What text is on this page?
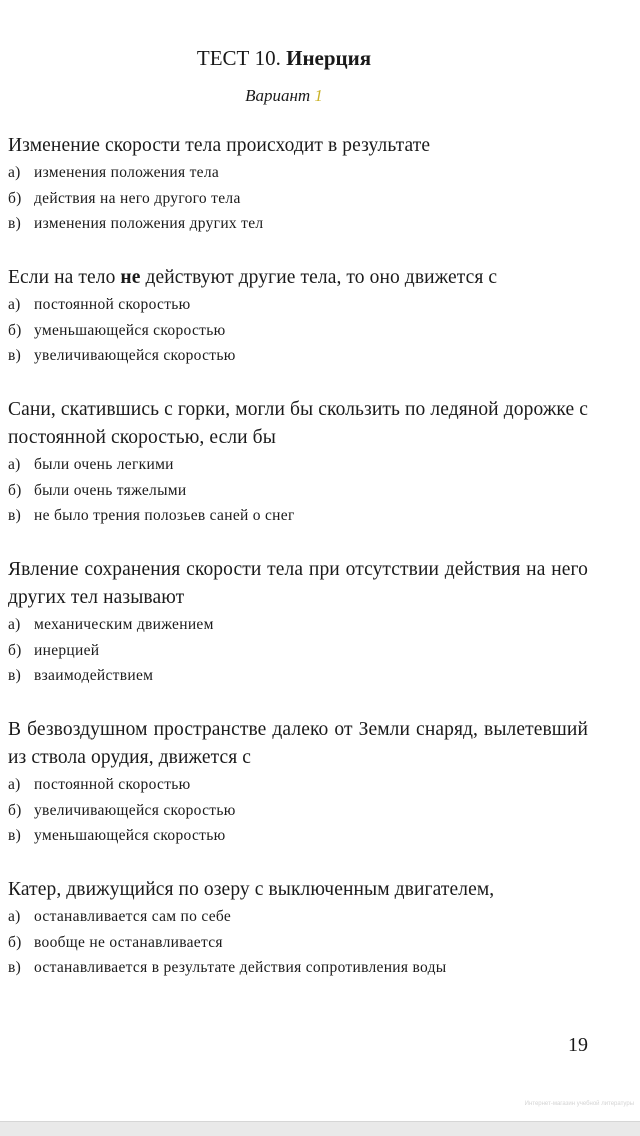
ТЕСТ 10. Инерция
Вариант 1
Изменение скорости тела происходит в результате
а) изменения положения тела
б) действия на него другого тела
в) изменения положения других тел
Если на тело не действуют другие тела, то оно движется с
а) постоянной скоростью
б) уменьшающейся скоростью
в) увеличивающейся скоростью
Сани, скатившись с горки, могли бы скользить по ледяной дорожке с постоянной скоростью, если бы
а) были очень легкими
б) были очень тяжелыми
в) не было трения полозьев саней о снег
Явление сохранения скорости тела при отсутствии действия на него других тел называют
а) механическим движением
б) инерцией
в) взаимодействием
В безвоздушном пространстве далеко от Земли снаряд, вылетевший из ствола орудия, движется с
а) постоянной скоростью
б) увеличивающейся скоростью
в) уменьшающейся скоростью
Катер, движущийся по озеру с выключенным двигателем,
а) останавливается сам по себе
б) вообще не останавливается
в) останавливается в результате действия сопротивления воды
19
Интернет-магазин учебной литературы
